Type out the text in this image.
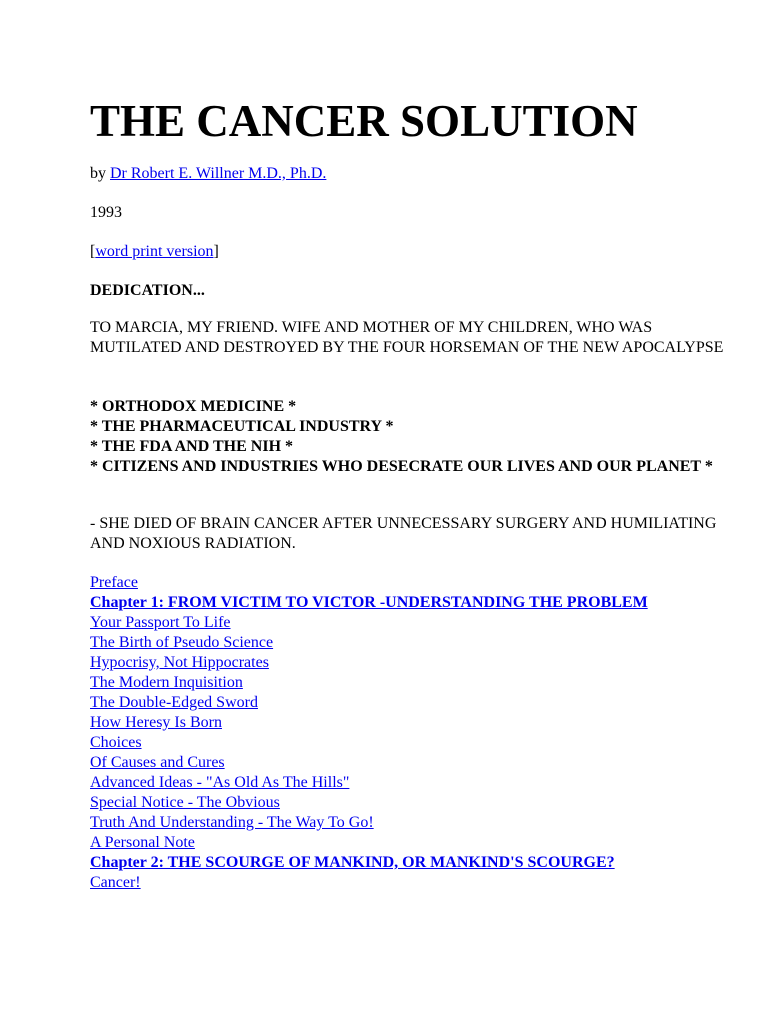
THE CANCER SOLUTION

by Dr Robert E. Willner M.D., Ph.D.

1993

[word print version]

DEDICATION...

TO MARCIA, MY FRIEND. WIFE AND MOTHER OF MY CHILDREN, WHO WAS MUTILATED AND DESTROYED BY THE FOUR HORSEMAN OF THE NEW APOCALYPSE

* ORTHODOX MEDICINE *
* THE PHARMACEUTICAL INDUSTRY *
* THE FDA AND THE NIH *
* CITIZENS AND INDUSTRIES WHO DESECRATE OUR LIVES AND OUR PLANET *

- SHE DIED OF BRAIN CANCER AFTER UNNECESSARY SURGERY AND HUMILIATING AND NOXIOUS RADIATION.

Preface
Chapter 1: FROM VICTIM TO VICTOR -UNDERSTANDING THE PROBLEM
Your Passport To Life
The Birth of Pseudo Science
Hypocrisy, Not Hippocrates
The Modern Inquisition
The Double-Edged Sword
How Heresy Is Born
Choices
Of Causes and Cures
Advanced Ideas - "As Old As The Hills"
Special Notice - The Obvious
Truth And Understanding - The Way To Go!
A Personal Note
Chapter 2: THE SCOURGE OF MANKIND, OR MANKIND'S SCOURGE?
Cancer!
